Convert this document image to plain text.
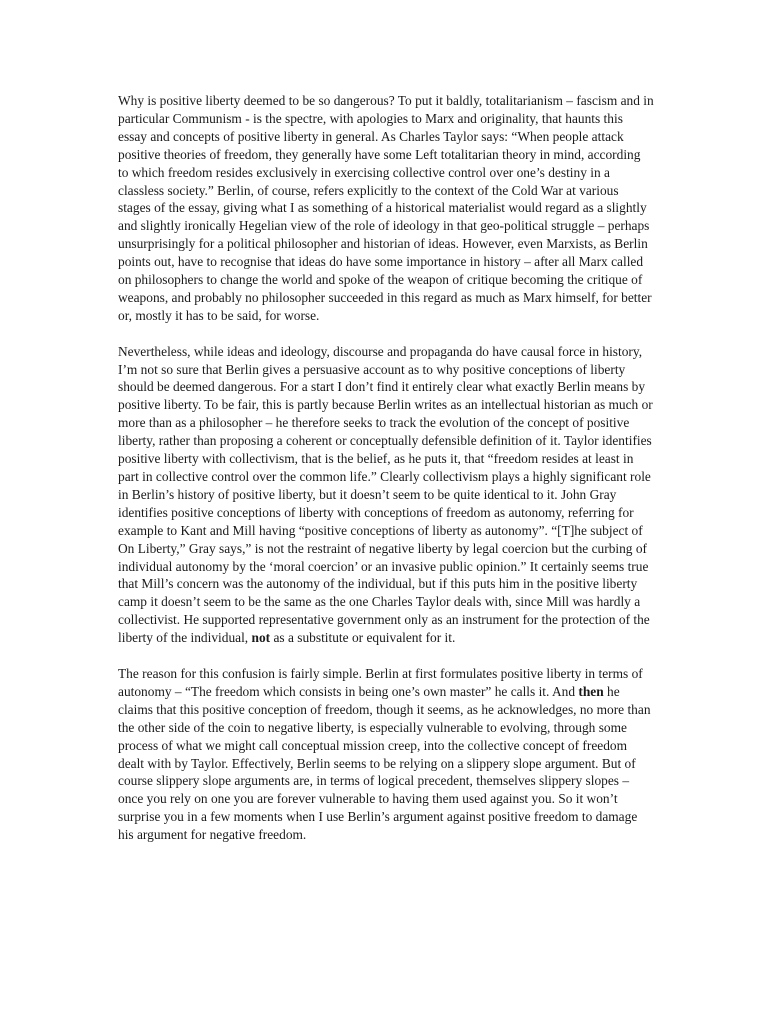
Why is positive liberty deemed to be so dangerous? To put it baldly, totalitarianism – fascism and in particular Communism - is the spectre, with apologies to Marx and originality, that haunts this essay and concepts of positive liberty in general. As Charles Taylor says: “When people attack positive theories of freedom, they generally have some Left totalitarian theory in mind, according to which freedom resides exclusively in exercising collective control over one’s destiny in a classless society.” Berlin, of course, refers explicitly to the context of the Cold War at various stages of the essay, giving what I as something of a historical materialist would regard as a slightly and slightly ironically Hegelian view of the role of ideology in that geo-political struggle – perhaps unsurprisingly for a political philosopher and historian of ideas. However, even Marxists, as Berlin points out, have to recognise that ideas do have some importance in history – after all Marx called on philosophers to change the world and spoke of the weapon of critique becoming the critique of weapons, and probably no philosopher succeeded in this regard as much as Marx himself, for better or, mostly it has to be said, for worse.

Nevertheless, while ideas and ideology, discourse and propaganda do have causal force in history, I’m not so sure that Berlin gives a persuasive account as to why positive conceptions of liberty should be deemed dangerous. For a start I don’t find it entirely clear what exactly Berlin means by positive liberty. To be fair, this is partly because Berlin writes as an intellectual historian as much or more than as a philosopher – he therefore seeks to track the evolution of the concept of positive liberty, rather than proposing a coherent or conceptually defensible definition of it. Taylor identifies positive liberty with collectivism, that is the belief, as he puts it, that “freedom resides at least in part in collective control over the common life.” Clearly collectivism plays a highly significant role in Berlin’s history of positive liberty, but it doesn’t seem to be quite identical to it. John Gray identifies positive conceptions of liberty with conceptions of freedom as autonomy, referring for example to Kant and Mill having “positive conceptions of liberty as autonomy”. “[T]he subject of On Liberty,” Gray says,” is not the restraint of negative liberty by legal coercion but the curbing of individual autonomy by the ‘moral coercion’ or an invasive public opinion.” It certainly seems true that Mill’s concern was the autonomy of the individual, but if this puts him in the positive liberty camp it doesn’t seem to be the same as the one Charles Taylor deals with, since Mill was hardly a collectivist. He supported representative government only as an instrument for the protection of the liberty of the individual, not as a substitute or equivalent for it.

The reason for this confusion is fairly simple. Berlin at first formulates positive liberty in terms of autonomy – “The freedom which consists in being one’s own master” he calls it. And then he claims that this positive conception of freedom, though it seems, as he acknowledges, no more than the other side of the coin to negative liberty, is especially vulnerable to evolving, through some process of what we might call conceptual mission creep, into the collective concept of freedom dealt with by Taylor. Effectively, Berlin seems to be relying on a slippery slope argument. But of course slippery slope arguments are, in terms of logical precedent, themselves slippery slopes – once you rely on one you are forever vulnerable to having them used against you. So it won’t surprise you in a few moments when I use Berlin’s argument against positive freedom to damage his argument for negative freedom.
